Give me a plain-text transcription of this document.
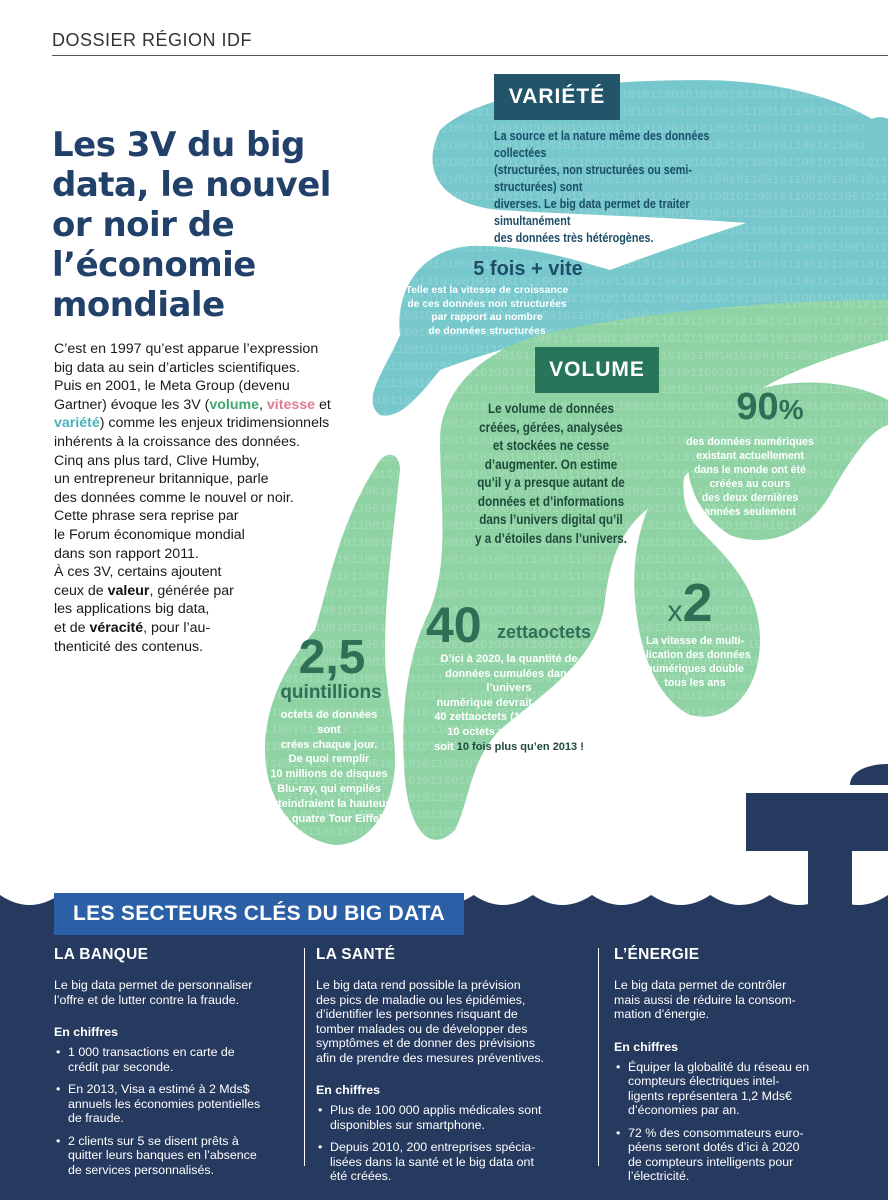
DOSSIER RÉGION IDF
Les 3V du big data, le nouvel or noir de l’économie mondiale
C’est en 1997 qu’est apparue l’expression
big data au sein d’articles scientifiques.
Puis en 2001, le Meta Group (devenu
Gartner) évoque les 3V (volume, vitesse et
variété) comme les enjeux tridimensionnels
inhérents à la croissance des données.
Cinq ans plus tard, Clive Humby,
un entrepreneur britannique, parle
des données comme le nouvel or noir.
Cette phrase sera reprise par
le Forum économique mondial
dans son rapport 2011.
À ces 3V, certains ajoutent
ceux de valeur, générée par
les applications big data,
et de véracité, pour l’au-
thenticité des contenus.
VARIÉTÉ
La source et la nature même des données collectées
(structurées, non structurées ou semi-structurées) sont
diverses. Le big data permet de traiter simultanément
des données très hétérogènes.
5 fois + vite
Telle est la vitesse de croissance
de ces données non structurées
par rapport au nombre
de données structurées
VOLUME
Le volume de données
créées, gérées, analysées
et stockées ne cesse
d’augmenter. On estime
qu’il y a presque autant de
données et d’informations
dans l’univers digital qu’il
y a d’étoiles dans l’univers.
90%
des données numériques
existant actuellement
dans le monde ont été
créées au cours
des deux dernières
années seulement
x2
La vitesse de multi-
plication des données
numériques double
tous les ans
40 zettaoctets
D’ici à 2020, la quantité de
données cumulées dans l’univers
numérique devrait atteindre
40 zettaoctets (1 zettaoctet =
10 octets puissance 21)
soit 10 fois plus qu’en 2013 !
2,5
quintillions
octets de données sont
crées chaque jour.
De quoi remplir
10 millions de disques
Blu-ray, qui empilés
atteindraient la hauteur
de quatre Tour Eiffel
LES SECTEURS CLÉS DU BIG DATA
LA BANQUE

Le big data permet de personnaliser
l’offre et de lutter contre la fraude.

En chiffres
• 1 000 transactions en carte de
crédit par seconde.
• En 2013, Visa a estimé à 2 Mds$
annuels les économies potentielles
de fraude.
• 2 clients sur 5 se disent prêts à
quitter leurs banques en l’absence
de services personnalisés.
LA SANTÉ

Le big data rend possible la prévision
des pics de maladie ou les épidémies,
d’identifier les personnes risquant de
tomber malades ou de développer des
symptômes et de donner des prévisions
afin de prendre des mesures préventives.

En chiffres
• Plus de 100 000 applis médicales sont
disponibles sur smartphone.
• Depuis 2010, 200 entreprises spécia-
lisées dans la santé et le big data ont
été créées.
L’ÉNERGIE

Le big data permet de contrôler
mais aussi de réduire la consom-
mation d’énergie.

En chiffres
• Équiper la globalité du réseau en
compteurs électriques intel-
ligents représentera 1,2 Mds€
d’économies par an.
• 72 % des consommateurs euro-
péens seront dotés d’ici à 2020
de compteurs intelligents pour
l’électricité.
